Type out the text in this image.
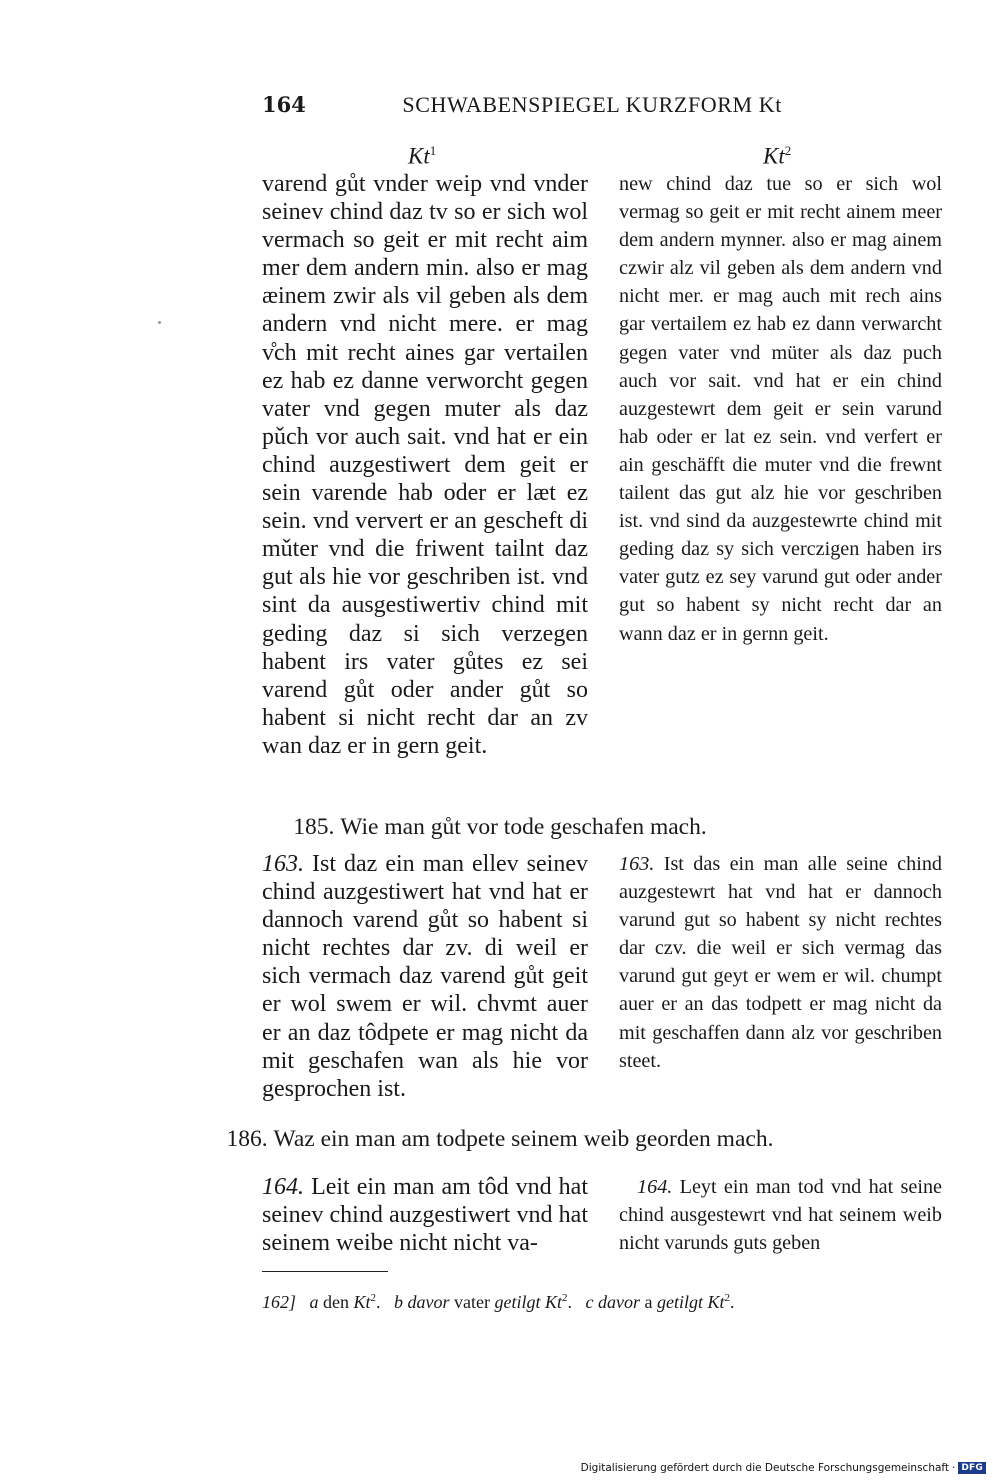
164	SCHWABENSPIEGEL KURZFORM Kt
Kt$^1$	Kt$^2$
varend gůt vnder weip vnd vnder seinev chind daz tv so er sich wol vermach so geit er mit recht aim mer dem andern min. also er mag æinem zwir als vil geben als dem andern vnd nicht mere. er mag v̊ch mit recht aines gar vertailen ez hab ez danne verworcht gegen vater vnd gegen muter als daz pǔch vor auch sait. vnd hat er ein chind auzgestiwert dem geit er sein varende hab oder er læt ez sein. vnd ververt er an gescheft di mǔter vnd die friwent tailnt daz gut als hie vor geschriben ist. vnd sint da ausgestiwertiv chind mit geding daz si sich verzegen habent irs vater gůtes ez sei varend gůt oder ander gůt so habent si nicht recht dar an zv wan daz er in gern geit.
new chind daz tue so er sich wol vermag so geit er mit recht ainem meer dem andern mynner. also er mag ainem czwir alz vil geben als dem andern vnd nicht mer. er mag auch mit rech ains gar vertailem ez hab ez dann verwarcht gegen vater vnd müter als daz puch auch vor sait. vnd hat er ein chind auzgestewrt dem geit er sein varund hab oder er lat ez sein. vnd verfert er ain geschäfft die muter vnd die frewnt tailent das gut alz hie vor geschriben ist. vnd sind da auzgestewrte chind mit geding daz sy sich verczigen haben irs vater gutz ez sey varund gut oder ander gut so habent sy nicht recht dar an wann daz er in gernn geit.
185. Wie man gůt vor tode geschafen mach.
163. Ist daz ein man ellev seinev chind auzgestiwert hat vnd hat er dannoch varend gůt so habent si nicht rechtes dar zv. di weil er sich vermach daz varend gůt geit er wol swem er wil. chvmt auer er an daz tôdpete er mag nicht da mit geschafen wan als hie vor gesprochen ist.
163. Ist das ein man alle seine chind auzgestewrt hat vnd hat er dannoch varund gut so habent sy nicht rechtes dar czv. die weil er sich vermag das varund gut geyt er wem er wil. chumpt auer er an das todpett er mag nicht da mit geschaffen dann alz vor geschriben steet.
186. Waz ein man am todpete seinem weib georden mach.
164. Leit ein man am tôd vnd hat seinev chind auzgestiwert vnd hat seinem weibe nicht nicht va-
164. Leyt ein man tod vnd hat seine chind ausgestewrt vnd hat seinem weib nicht varunds guts geben
162] a den Kt$^2$.   b davor vater getilgt Kt$^2$.   c davor a getilgt Kt$^2$.
Digitalisierung gefördert durch die Deutsche Forschungsgemeinschaft · DFG
